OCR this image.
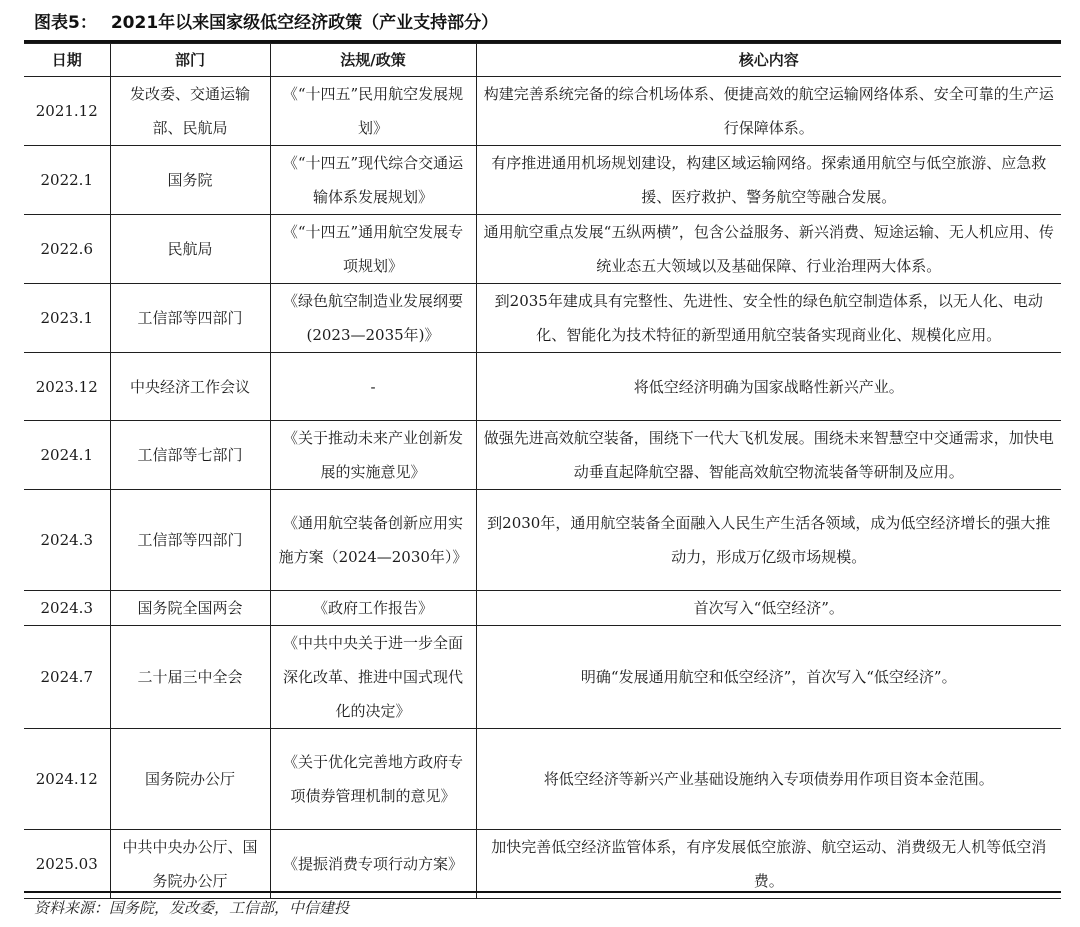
图表5： 2021年以来国家级低空经济政策（产业支持部分）
日期	部门	法规/政策	核心内容
2021.12	发改委、交通运输部、民航局	《“十四五”民用航空发展规划》	构建完善系统完备的综合机场体系、便捷高效的航空运输网络体系、安全可靠的生产运行保障体系。
2022.1	国务院	《“十四五”现代综合交通运输体系发展规划》	有序推进通用机场规划建设，构建区域运输网络。探索通用航空与低空旅游、应急救援、医疗救护、警务航空等融合发展。
2022.6	民航局	《“十四五”通用航空发展专项规划》	通用航空重点发展“五纵两横”，包含公益服务、新兴消费、短途运输、无人机应用、传统业态五大领域以及基础保障、行业治理两大体系。
2023.1	工信部等四部门	《绿色航空制造业发展纲要(2023—2035年)》	到2035年建成具有完整性、先进性、安全性的绿色航空制造体系，以无人化、电动化、智能化为技术特征的新型通用航空装备实现商业化、规模化应用。
2023.12	中央经济工作会议	-	将低空经济明确为国家战略性新兴产业。
2024.1	工信部等七部门	《关于推动未来产业创新发展的实施意见》	做强先进高效航空装备，围绕下一代大飞机发展。围绕未来智慧空中交通需求，加快电动垂直起降航空器、智能高效航空物流装备等研制及应用。
2024.3	工信部等四部门	《通用航空装备创新应用实施方案（2024—2030年）》	到2030年，通用航空装备全面融入人民生产生活各领域，成为低空经济增长的强大推动力，形成万亿级市场规模。
2024.3	国务院全国两会	《政府工作报告》	首次写入“低空经济”。
2024.7	二十届三中全会	《中共中央关于进一步全面深化改革、推进中国式现代化的决定》	明确“发展通用航空和低空经济”，首次写入“低空经济”。
2024.12	国务院办公厅	《关于优化完善地方政府专项债券管理机制的意见》	将低空经济等新兴产业基础设施纳入专项债券用作项目资本金范围。
2025.03	中共中央办公厅、国务院办公厅	《提振消费专项行动方案》	加快完善低空经济监管体系，有序发展低空旅游、航空运动、消费级无人机等低空消费。
资料来源：国务院，发改委，工信部，中信建投
